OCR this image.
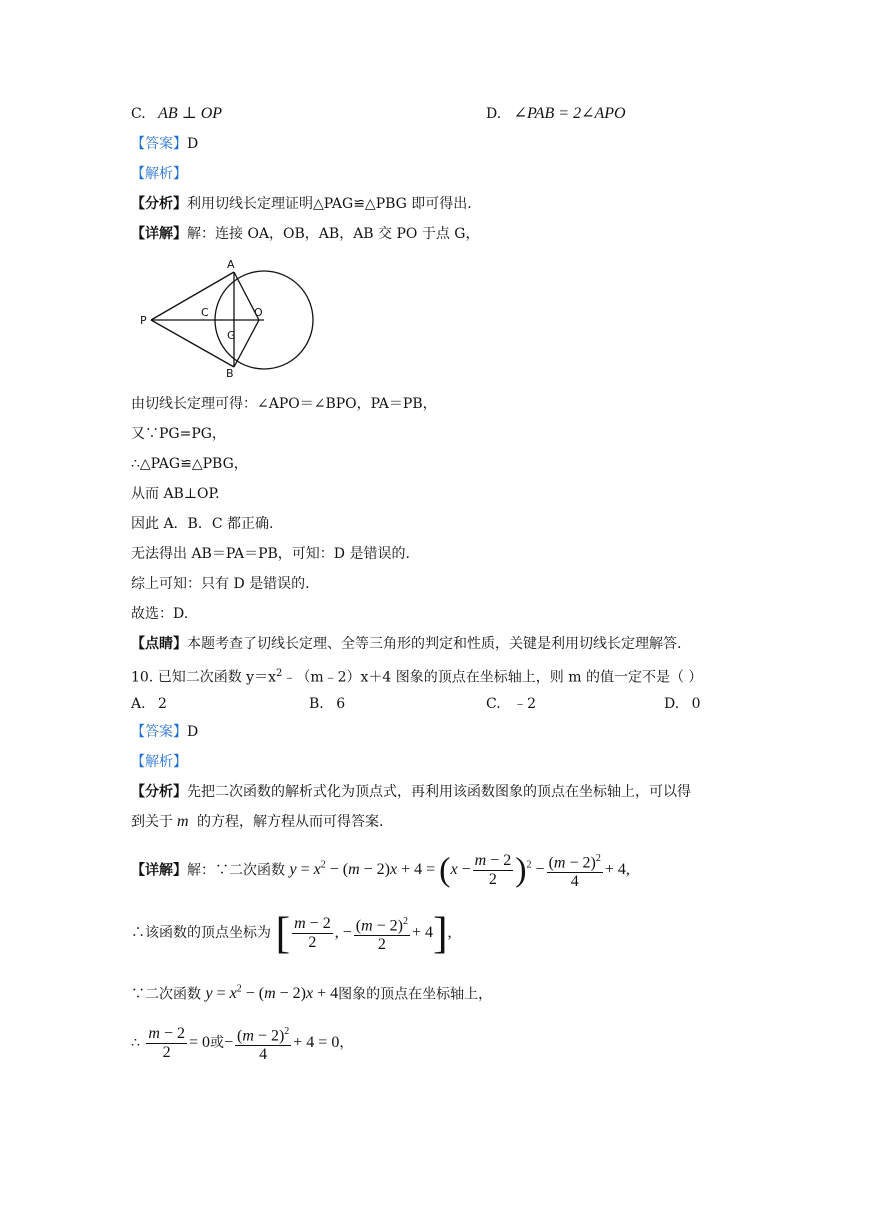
C. AB ⊥ OP	D. ∠PAB = 2∠APO
【答案】D
【解析】
【分析】利用切线长定理证明△PAG≌△PBG 即可得出.
【详解】解：连接 OA，OB，AB，AB 交 PO 于点 G，
A
B
P
C	O
G
由切线长定理可得：∠APO＝∠BPO，PA＝PB，
又∵PG=PG，
∴△PAG≌△PBG，
从而 AB⊥OP.
因此 A．B．C 都正确.
无法得出 AB＝PA＝PB，可知：D 是错误的.
综上可知：只有 D 是错误的.
故选：D.
【点睛】本题考查了切线长定理、全等三角形的判定和性质，关键是利用切线长定理解答.
10. 已知二次函数 $y=x^2﹣(m﹣2)x+4$ 图象的顶点在坐标轴上，则 m 的值一定不是（ ）
A. 2	B. 6	C. ﹣2	D. 0
【答案】D
【解析】
【分析】先把二次函数的解析式化为顶点式，再利用该函数图象的顶点在坐标轴上，可以得
到关于 m 的方程，解方程从而可得答案.
【详解】解：∵二次函数 $y = x^2 - (m - 2)x + 4 = (x - \frac{m - 2}{2} )^2 - \frac{(m - 2)^2}{4} + 4$,
∴该函数的顶点坐标为 [ $\frac{m - 2}{2}$ , − $\frac{(m - 2)^2}{2} + 4$],
∵二次函数 $y = x^2 - (m - 2)x + 4$图象的顶点在坐标轴上，
∴ $\frac{m - 2}{2} = 0$或− $\frac{(m - 2)^2}{4} + 4 = 0$，
